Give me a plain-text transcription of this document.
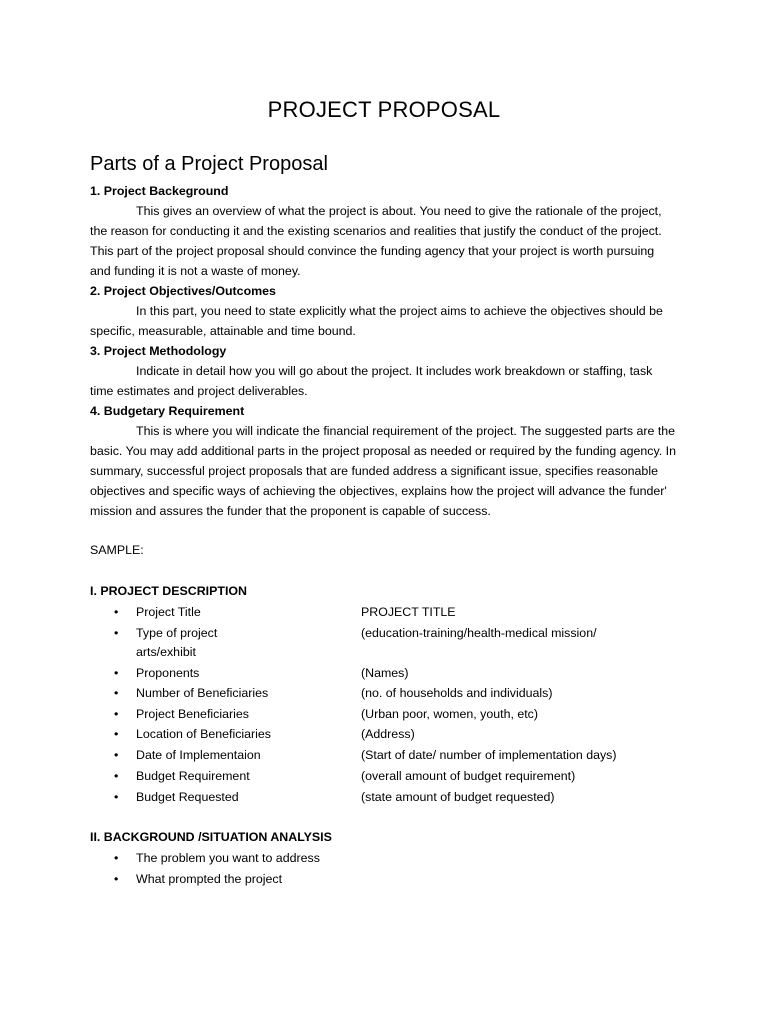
PROJECT PROPOSAL
Parts of a Project Proposal
1. Project Backeground

This gives an overview of what the project is about. You need to give the rationale of the project, the reason for conducting it and the existing scenarios and realities that justify the conduct of the project. This part of the project proposal should convince the funding agency that your project is worth pursuing and funding it is not a waste of money.

2. Project Objectives/Outcomes

In this part, you need to state explicitly what the project aims to achieve the objectives should be specific, measurable, attainable and time bound.

3. Project Methodology

Indicate in detail how you will go about the project. It includes work breakdown or staffing, task time estimates and project deliverables.

4. Budgetary Requirement

This is where you will indicate the financial requirement of the project. The suggested parts are the basic. You may add additional parts in the project proposal as needed or required by the funding agency. In summary, successful project proposals that are funded address a significant issue, specifies reasonable objectives and specific ways of achieving the objectives, explains how the project will advance the funder' mission and assures the funder that the proponent is capable of success.

SAMPLE:
I. PROJECT DESCRIPTION
• Project Title	PROJECT TITLE
• Type of project	(education-training/health-medical mission/
arts/exhibit
• Proponents	(Names)
• Number of Beneficiaries	(no. of households and individuals)
• Project Beneficiaries	(Urban poor, women, youth, etc)
• Location of Beneficiaries	(Address)
• Date of Implementaion	(Start of date/ number of implementation days)
• Budget Requirement	(overall amount of budget requirement)
• Budget Requested	(state amount of budget requested)
II. BACKGROUND /SITUATION ANALYSIS
• The problem you want to address
• What prompted the project
